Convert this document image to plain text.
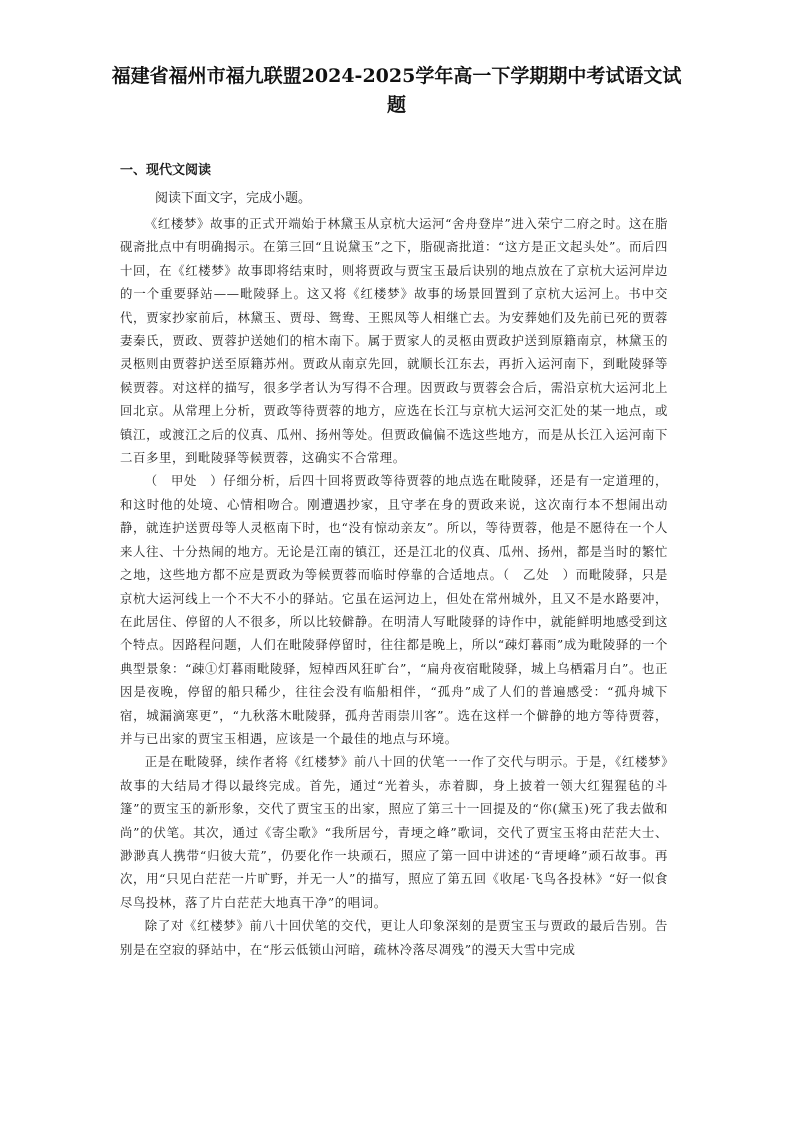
福建省福州市福九联盟2024-2025学年高一下学期期中考试语文试题

一、现代文阅读

阅读下面文字，完成小题。

《红楼梦》故事的正式开端始于林黛玉从京杭大运河“舍舟登岸”进入荣宁二府之时。这在脂砚斋批点中有明确揭示。在第三回“且说黛玉”之下，脂砚斋批道：“这方是正文起头处”。而后四十回，在《红楼梦》故事即将结束时，则将贾政与贾宝玉最后诀别的地点放在了京杭大运河岸边的一个重要驿站——毗陵驿上。这又将《红楼梦》故事的场景回置到了京杭大运河上。书中交代，贾家抄家前后，林黛玉、贾母、鸳鸯、王熙凤等人相继亡去。为安葬她们及先前已死的贾蓉妻秦氏，贾政、贾蓉护送她们的棺木南下。属于贾家人的灵柩由贾政护送到原籍南京，林黛玉的灵柩则由贾蓉护送至原籍苏州。贾政从南京先回，就顺长江东去，再折入运河南下，到毗陵驿等候贾蓉。对这样的描写，很多学者认为写得不合理。因贾政与贾蓉会合后，需沿京杭大运河北上回北京。从常理上分析，贾政等待贾蓉的地方，应选在长江与京杭大运河交汇处的某一地点，或镇江，或渡江之后的仪真、瓜州、扬州等处。但贾政偏偏不选这些地方，而是从长江入运河南下二百多里，到毗陵驿等候贾蓉，这确实不合常理。

（　甲处　）仔细分析，后四十回将贾政等待贾蓉的地点选在毗陵驿，还是有一定道理的，和这时他的处境、心情相吻合。刚遭遇抄家，且守孝在身的贾政来说，这次南行本不想闹出动静，就连护送贾母等人灵柩南下时，也“没有惊动亲友”。所以，等待贾蓉，他是不愿待在一个人来人往、十分热闹的地方。无论是江南的镇江，还是江北的仪真、瓜州、扬州，都是当时的繁忙之地，这些地方都不应是贾政为等候贾蓉而临时停靠的合适地点。（　乙处　）而毗陵驿，只是京杭大运河线上一个不大不小的驿站。它虽在运河边上，但处在常州城外，且又不是水路要冲，在此居住、停留的人不很多，所以比较僻静。在明清人写毗陵驿的诗作中，就能鲜明地感受到这个特点。因路程问题，人们在毗陵驿停留时，往往都是晚上，所以“疎灯暮雨”成为毗陵驿的一个典型景象：“疎①灯暮雨毗陵驿，短棹西风狂旷台”，“扁舟夜宿毗陵驿，城上乌栖霜月白”。也正因是夜晚，停留的船只稀少，往往会没有临船相伴，“孤舟”成了人们的普遍感受：“孤舟城下宿，城漏滴寒更”，“九秋落木毗陵驿，孤舟苦雨崇川客”。选在这样一个僻静的地方等待贾蓉，并与已出家的贾宝玉相遇，应该是一个最佳的地点与环境。

正是在毗陵驿，续作者将《红楼梦》前八十回的伏笔一一作了交代与明示。于是，《红楼梦》故事的大结局才得以最终完成。首先，通过“光着头，赤着脚，身上披着一领大红猩猩毡的斗篷”的贾宝玉的新形象，交代了贾宝玉的出家，照应了第三十一回提及的“你(黛玉)死了我去做和尚”的伏笔。其次，通过《寄尘歌》“我所居兮，青埂之峰”歌词，交代了贾宝玉将由茫茫大士、渺渺真人携带“归彼大荒”，仍要化作一块顽石，照应了第一回中讲述的“青埂峰”顽石故事。再次，用“只见白茫茫一片旷野，并无一人”的描写，照应了第五回《收尾·飞鸟各投林》“好一似食尽鸟投林，落了片白茫茫大地真干净”的唱词。

除了对《红楼梦》前八十回伏笔的交代，更让人印象深刻的是贾宝玉与贾政的最后告别。告别是在空寂的驿站中，在“彤云低锁山河暗，疏林冷落尽凋残”的漫天大雪中完成
